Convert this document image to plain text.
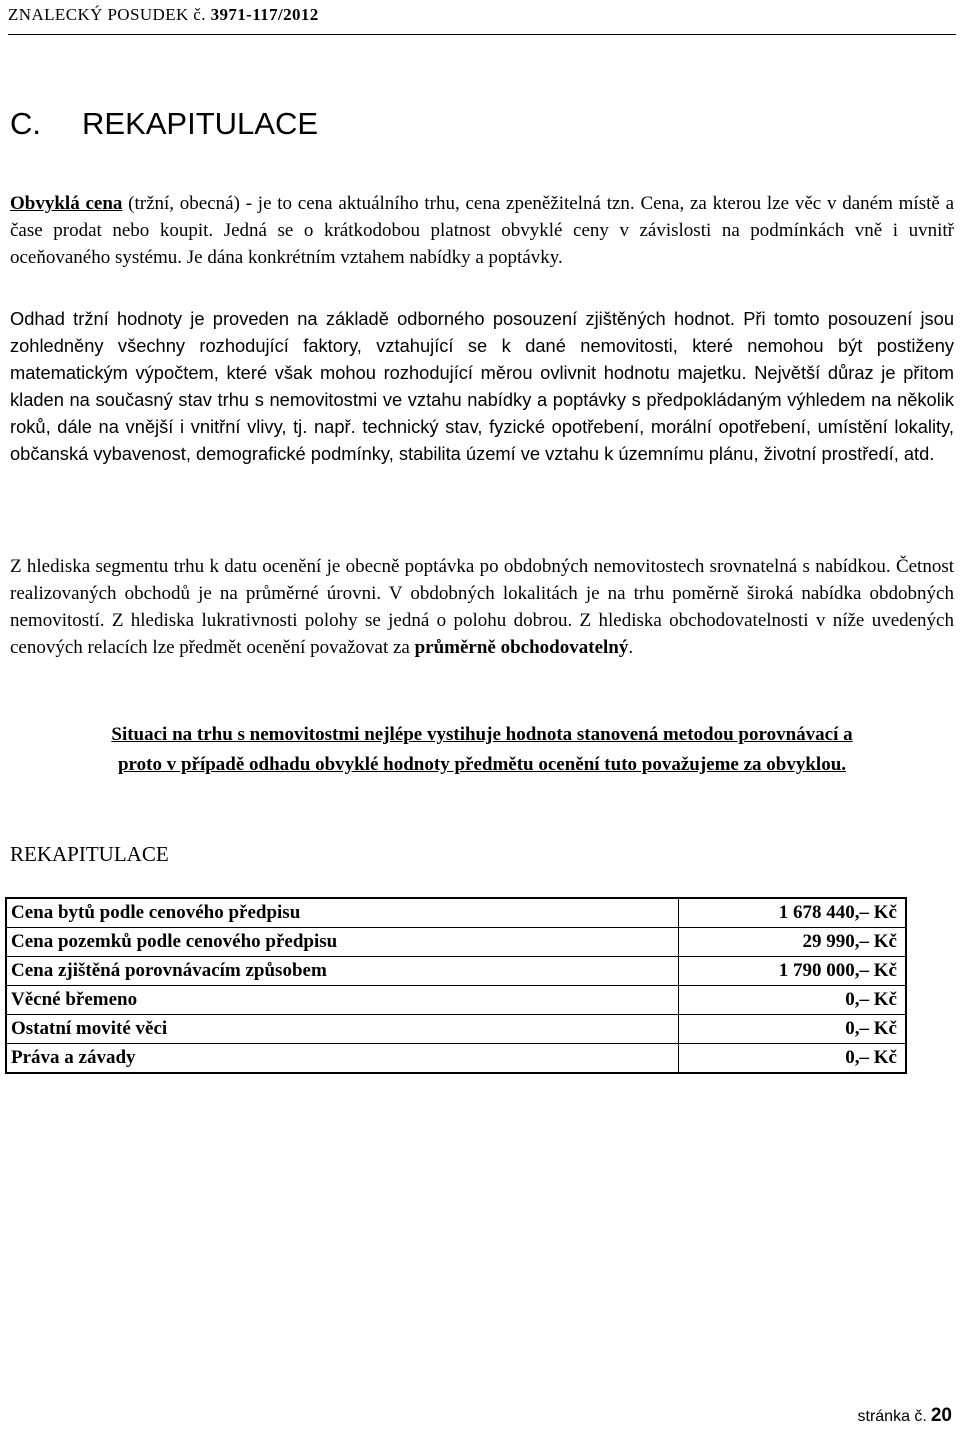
ZNALECKÝ POSUDEK č. 3971-117/2012
C. REKAPITULACE

Obvyklá cena (tržní, obecná) - je to cena aktuálního trhu, cena zpeněžitelná tzn. Cena, za kterou lze věc v daném místě a čase prodat nebo koupit. Jedná se o krátkodobou platnost obvyklé ceny v závislosti na podmínkách vně i uvnitř oceňovaného systému. Je dána konkrétním vztahem nabídky a poptávky.

Odhad tržní hodnoty je proveden na základě odborného posouzení zjištěných hodnot. Při tomto posouzení jsou zohledněny všechny rozhodující faktory, vztahující se k dané nemovitosti, které nemohou být postiženy matematickým výpočtem, které však mohou rozhodující měrou ovlivnit hodnotu majetku. Největší důraz je přitom kladen na současný stav trhu s nemovitostmi ve vztahu nabídky a poptávky s předpokládaným výhledem na několik roků, dále na vnější i vnitřní vlivy, tj. např. technický stav, fyzické opotřebení, morální opotřebení, umístění lokality, občanská vybavenost, demografické podmínky, stabilita území ve vztahu k územnímu plánu, životní prostředí, atd.

Z hlediska segmentu trhu k datu ocenění je obecně poptávka po obdobných nemovitostech srovnatelná s nabídkou. Četnost realizovaných obchodů je na průměrné úrovni. V obdobných lokalitách je na trhu poměrně široká nabídka obdobných nemovitostí. Z hlediska lukrativnosti polohy se jedná o polohu dobrou. Z hlediska obchodovatelnosti v níže uvedených cenových relacích lze předmět ocenění považovat za průměrně obchodovatelný.

Situaci na trhu s nemovitostmi nejlépe vystihuje hodnota stanovená metodou porovnávací a
proto v případě odhadu obvyklé hodnoty předmětu ocenění tuto považujeme za obvyklou.

REKAPITULACE
Cena bytů podle cenového předpisu	1 678 440,– Kč
Cena pozemků podle cenového předpisu	29 990,– Kč
Cena zjištěná porovnávacím způsobem	1 790 000,– Kč
Věcné břemeno	0,– Kč
Ostatní movité věci	0,– Kč
Práva a závady	0,– Kč
stránka č. 20
